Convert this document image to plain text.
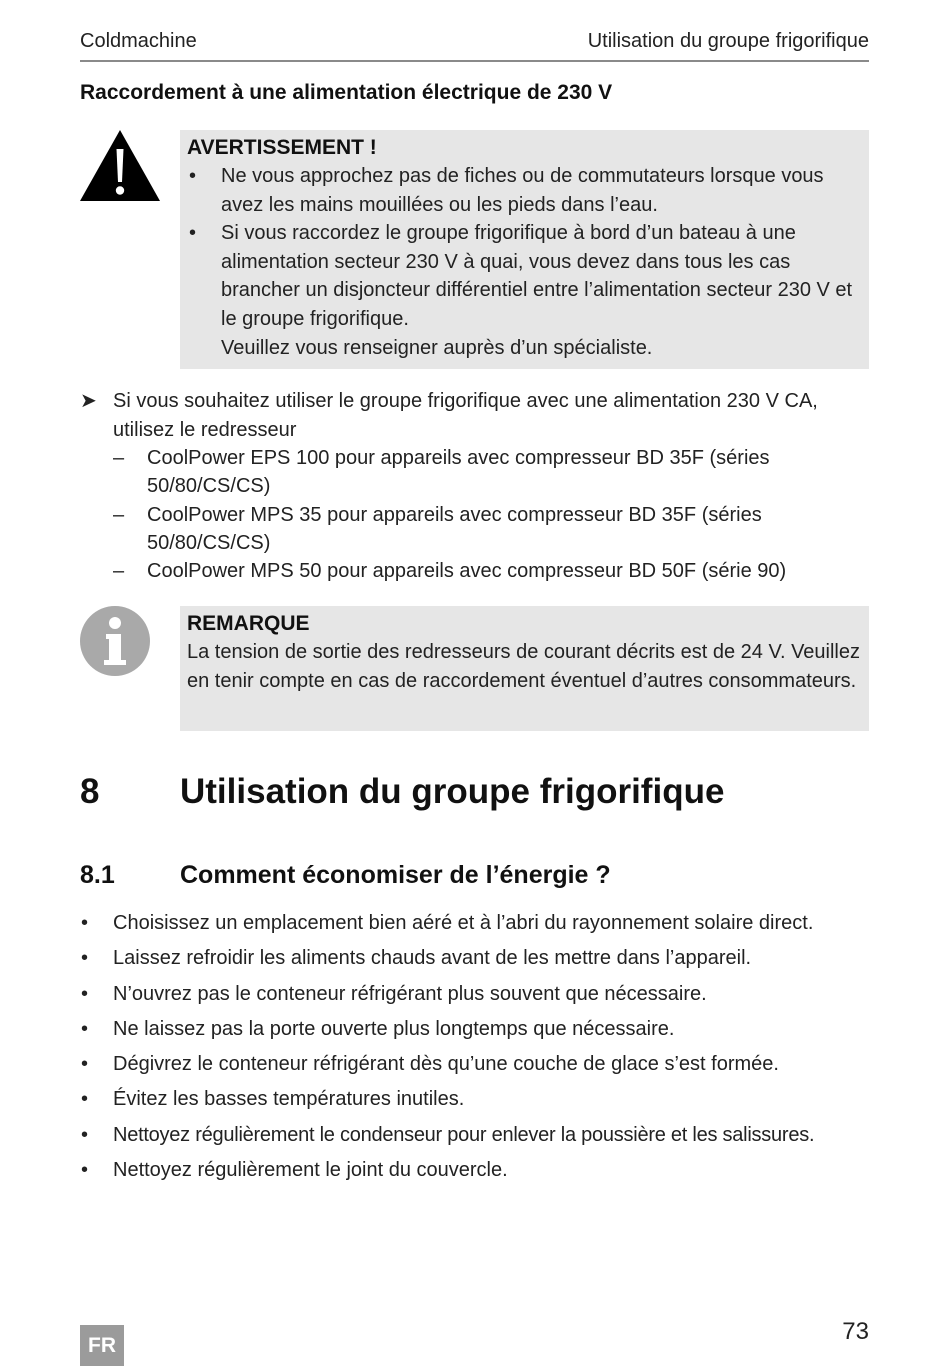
Coldmachine	Utilisation du groupe frigorifique
Raccordement à une alimentation électrique de 230 V
AVERTISSEMENT !
• Ne vous approchez pas de fiches ou de commutateurs lorsque vous avez les mains mouillées ou les pieds dans l’eau.
• Si vous raccordez le groupe frigorifique à bord d’un bateau à une alimentation secteur 230 V à quai, vous devez dans tous les cas brancher un disjoncteur différentiel entre l’alimentation secteur 230 V et le groupe frigorifique.
Veuillez vous renseigner auprès d’un spécialiste.
➤ Si vous souhaitez utiliser le groupe frigorifique avec une alimentation 230 V CA, utilisez le redresseur
– CoolPower EPS 100 pour appareils avec compresseur BD 35F (séries 50/80/CS/CS)
– CoolPower MPS 35 pour appareils avec compresseur BD 35F (séries 50/80/CS/CS)
– CoolPower MPS 50 pour appareils avec compresseur BD 50F (série 90)
REMARQUE
La tension de sortie des redresseurs de courant décrits est de 24 V. Veuillez en tenir compte en cas de raccordement éventuel d’autres consommateurs.
8 Utilisation du groupe frigorifique
8.1	Comment économiser de l’énergie ?
• Choisissez un emplacement bien aéré et à l’abri du rayonnement solaire direct.
• Laissez refroidir les aliments chauds avant de les mettre dans l’appareil.
• N’ouvrez pas le conteneur réfrigérant plus souvent que nécessaire.
• Ne laissez pas la porte ouverte plus longtemps que nécessaire.
• Dégivrez le conteneur réfrigérant dès qu’une couche de glace s’est formée.
• Évitez les basses températures inutiles.
• Nettoyez régulièrement le condenseur pour enlever la poussière et les salissures.
• Nettoyez régulièrement le joint du couvercle.
73
FR
